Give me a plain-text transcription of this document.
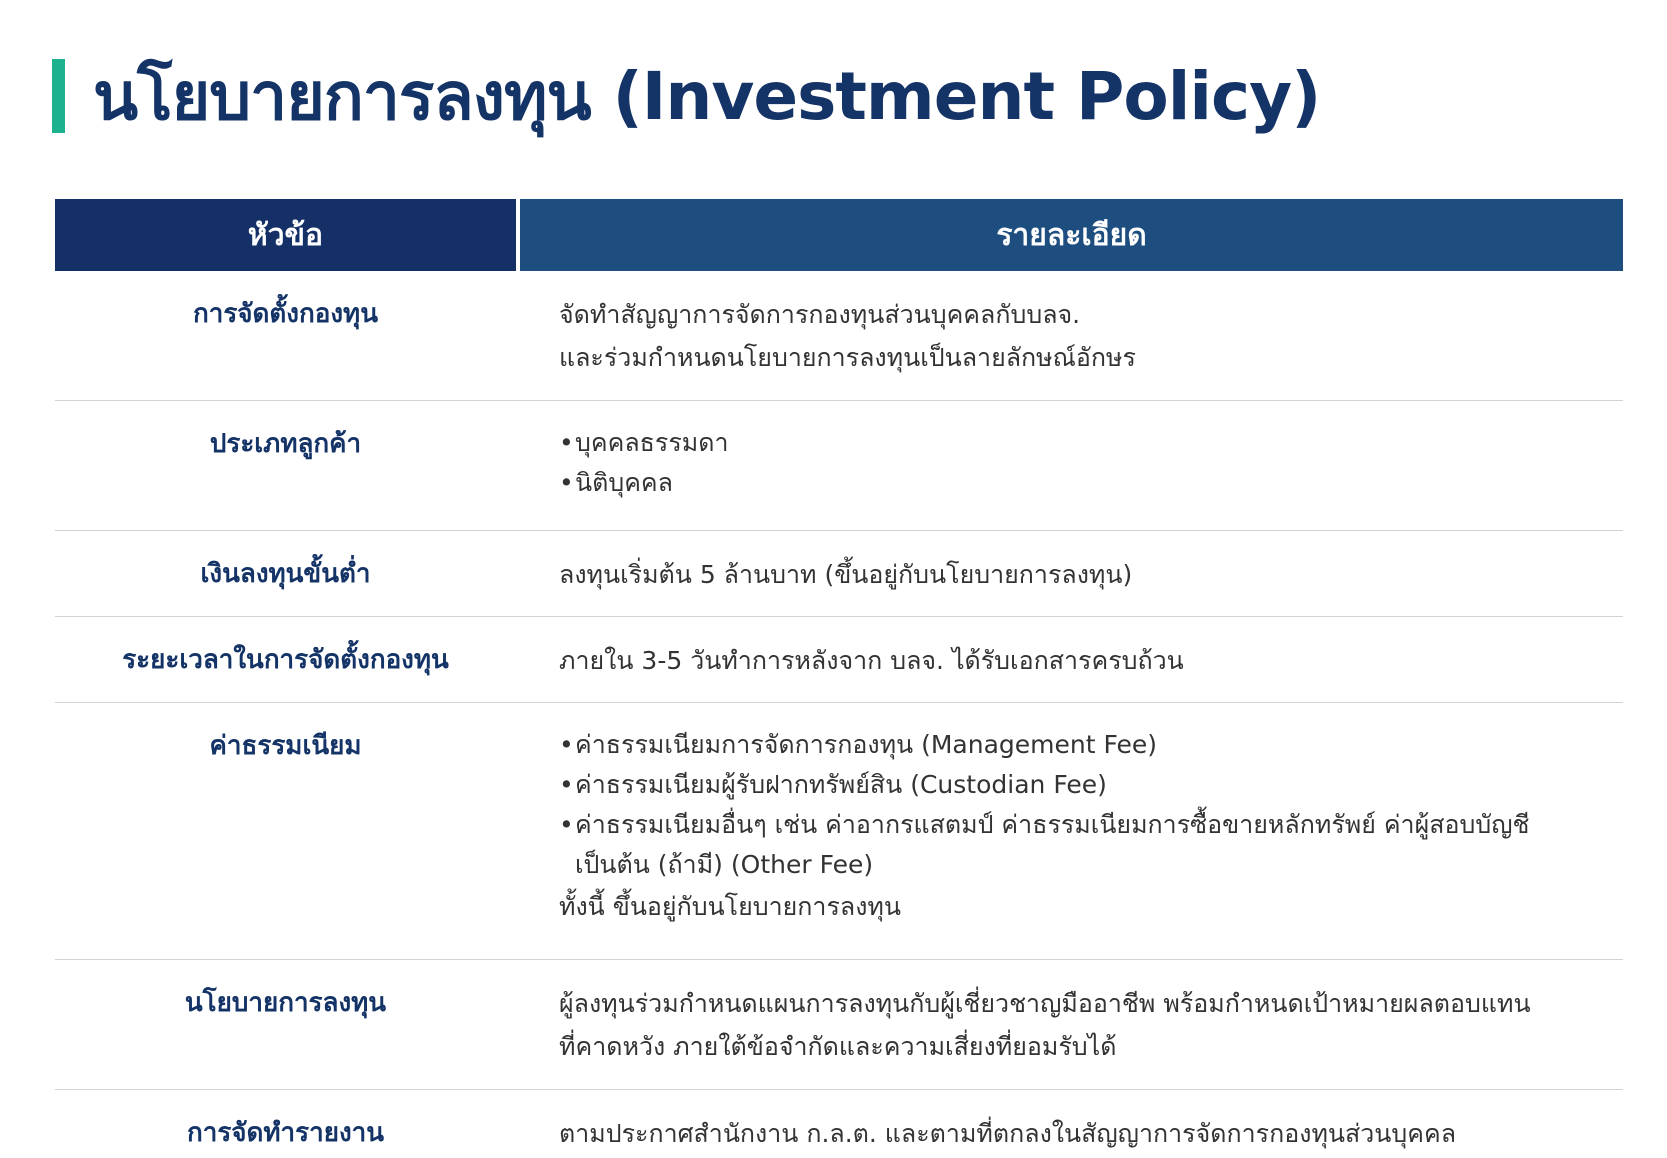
นโยบายการลงทุน (Investment Policy)
หัวข้อ	รายละเอียด
การจัดตั้งกองทุน	จัดทำสัญญาการจัดการกองทุนส่วนบุคคลกับบลจ.

และร่วมกำหนดนโยบายการลงทุนเป็นลายลักษณ์อักษร

ประเภทลูกค้า	• บุคคลธรรมดา
• นิติบุคคล
เงินลงทุนขั้นต่ำ	ลงทุนเริ่มต้น 5 ล้านบาท (ขึ้นอยู่กับนโยบายการลงทุน)

ระยะเวลาในการจัดตั้งกองทุน	ภายใน 3-5 วันทำการหลังจาก บลจ. ได้รับเอกสารครบถ้วน

ค่าธรรมเนียม	• ค่าธรรมเนียมการจัดการกองทุน (Management Fee)
• ค่าธรรมเนียมผู้รับฝากทรัพย์สิน (Custodian Fee)
• ค่าธรรมเนียมอื่นๆ เช่น ค่าอากรแสตมป์ ค่าธรรมเนียมการซื้อขายหลักทรัพย์ ค่าผู้สอบบัญชี เป็นต้น (ถ้ามี) (Other Fee)

ทั้งนี้ ขึ้นอยู่กับนโยบายการลงทุน

นโยบายการลงทุน	ผู้ลงทุนร่วมกำหนดแผนการลงทุนกับผู้เชี่ยวชาญมืออาชีพ พร้อมกำหนดเป้าหมายผลตอบแทน

ที่คาดหวัง ภายใต้ข้อจำกัดและความเสี่ยงที่ยอมรับได้

การจัดทำรายงาน	ตามประกาศสำนักงาน ก.ล.ต. และตามที่ตกลงในสัญญาการจัดการกองทุนส่วนบุคคล
